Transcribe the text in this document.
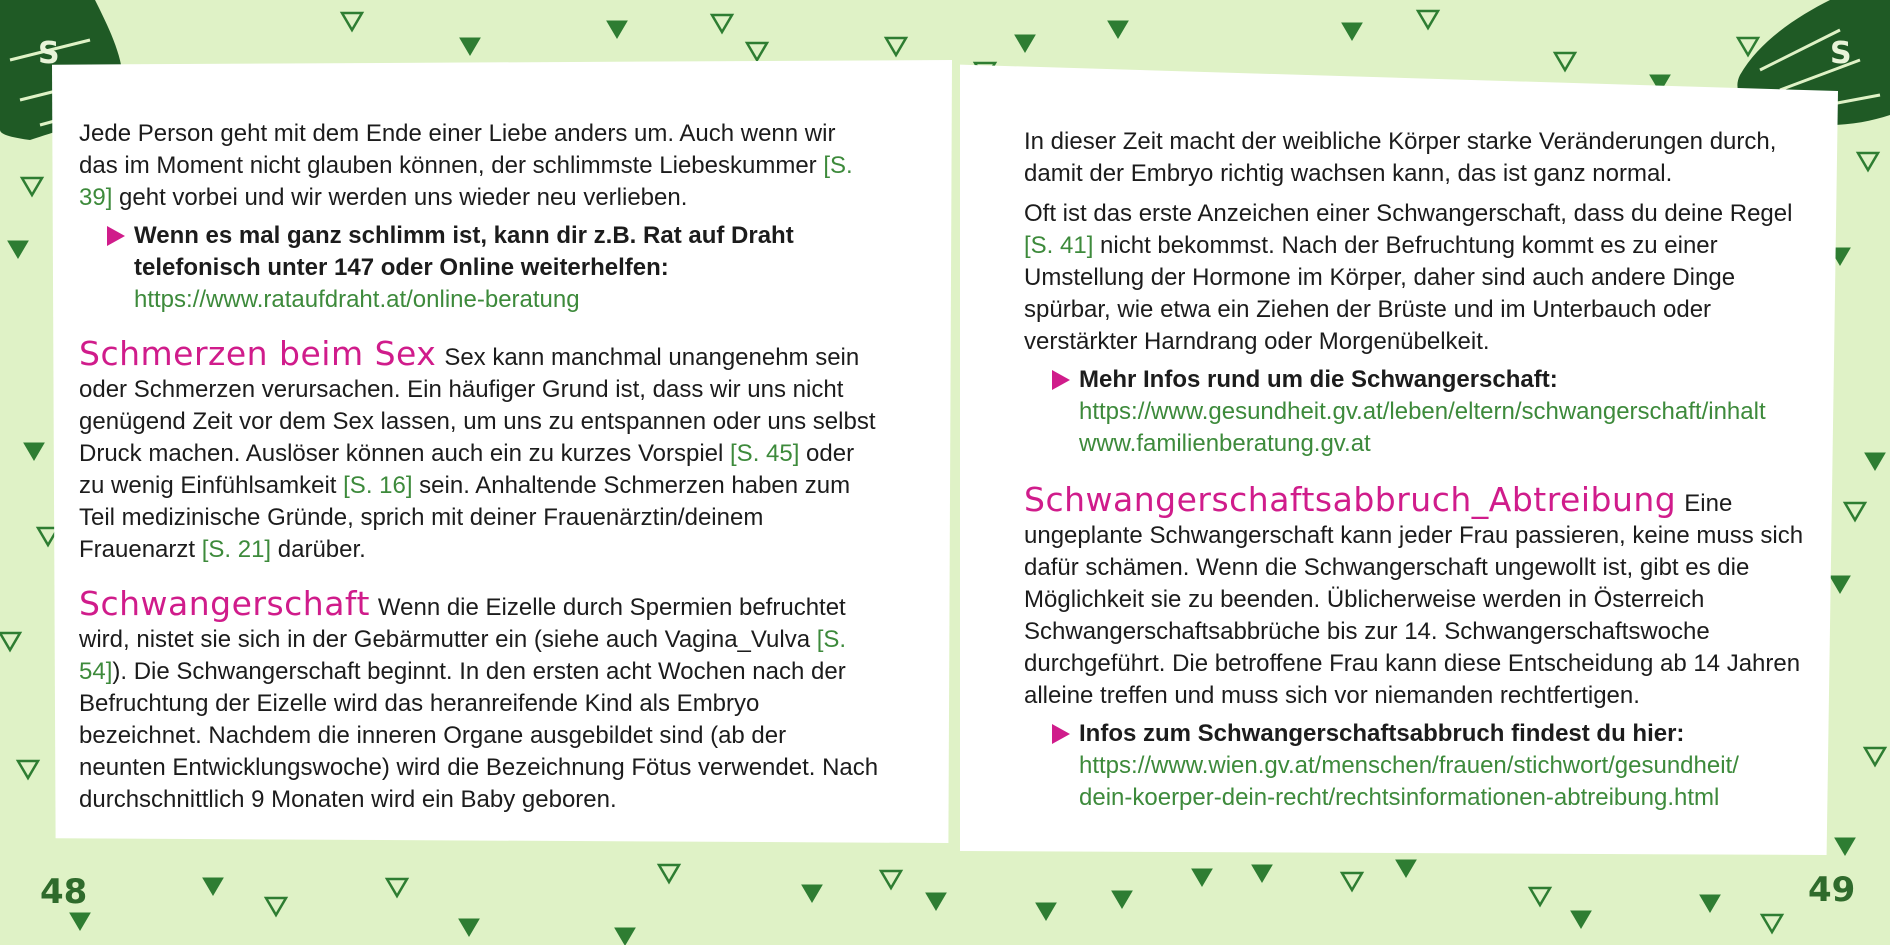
Jede Person geht mit dem Ende einer Liebe anders um. Auch wenn wir das im Moment nicht glauben können, der schlimmste Liebeskummer [S. 39] geht vorbei und wir werden uns wieder neu verlieben.

Wenn es mal ganz schlimm ist, kann dir z.B. Rat auf Draht telefonisch unter 147 oder Online weiterhelfen:
https://www.rataufdraht.at/online-beratung

Schmerzen beim Sex Sex kann manchmal unangenehm sein oder Schmerzen verursachen. Ein häufiger Grund ist, dass wir uns nicht genügend Zeit vor dem Sex lassen, um uns zu entspannen oder uns selbst Druck machen. Auslöser können auch ein zu kurzes Vorspiel [S. 45] oder zu wenig Einfühlsamkeit [S. 16] sein. Anhaltende Schmerzen haben zum Teil medizinische Gründe, sprich mit deiner Frauenärztin/deinem Frauenarzt [S. 21] darüber.

Schwangerschaft Wenn die Eizelle durch Spermien befruchtet wird, nistet sie sich in der Gebärmutter ein (siehe auch Vagina_Vulva [S. 54]). Die Schwangerschaft beginnt. In den ersten acht Wochen nach der Befruchtung der Eizelle wird das heranreifende Kind als Embryo bezeichnet. Nachdem die inneren Organe ausgebildet sind (ab der neunten Entwicklungswoche) wird die Bezeichnung Fötus verwendet. Nach durchschnittlich 9 Monaten wird ein Baby geboren.

In dieser Zeit macht der weibliche Körper starke Veränderungen durch, damit der Embryo richtig wachsen kann, das ist ganz normal.

Oft ist das erste Anzeichen einer Schwangerschaft, dass du deine Regel [S. 41] nicht bekommst. Nach der Befruchtung kommt es zu einer Umstellung der Hormone im Körper, daher sind auch andere Dinge spürbar, wie etwa ein Ziehen der Brüste und im Unterbauch oder verstärkter Harndrang oder Morgenübelkeit.

Mehr Infos rund um die Schwangerschaft:
https://www.gesundheit.gv.at/leben/eltern/schwangerschaft/inhalt
www.familienberatung.gv.at

Schwangerschaftsabbruch_Abtreibung Eine ungeplante Schwangerschaft kann jeder Frau passieren, keine muss sich dafür schämen. Wenn die Schwangerschaft ungewollt ist, gibt es die Möglichkeit sie zu beenden. Üblicherweise werden in Österreich Schwangerschaftsabbrüche bis zur 14. Schwangerschaftswoche durchgeführt. Die betroffene Frau kann diese Entscheidung ab 14 Jahren alleine treffen und muss sich vor niemanden rechtfertigen.

Infos zum Schwangerschaftsabbruch findest du hier:
https://www.wien.gv.at/menschen/frauen/stichwort/gesundheit/
dein-koerper-dein-recht/rechtsinformationen-abtreibung.html
48	49
S	S
